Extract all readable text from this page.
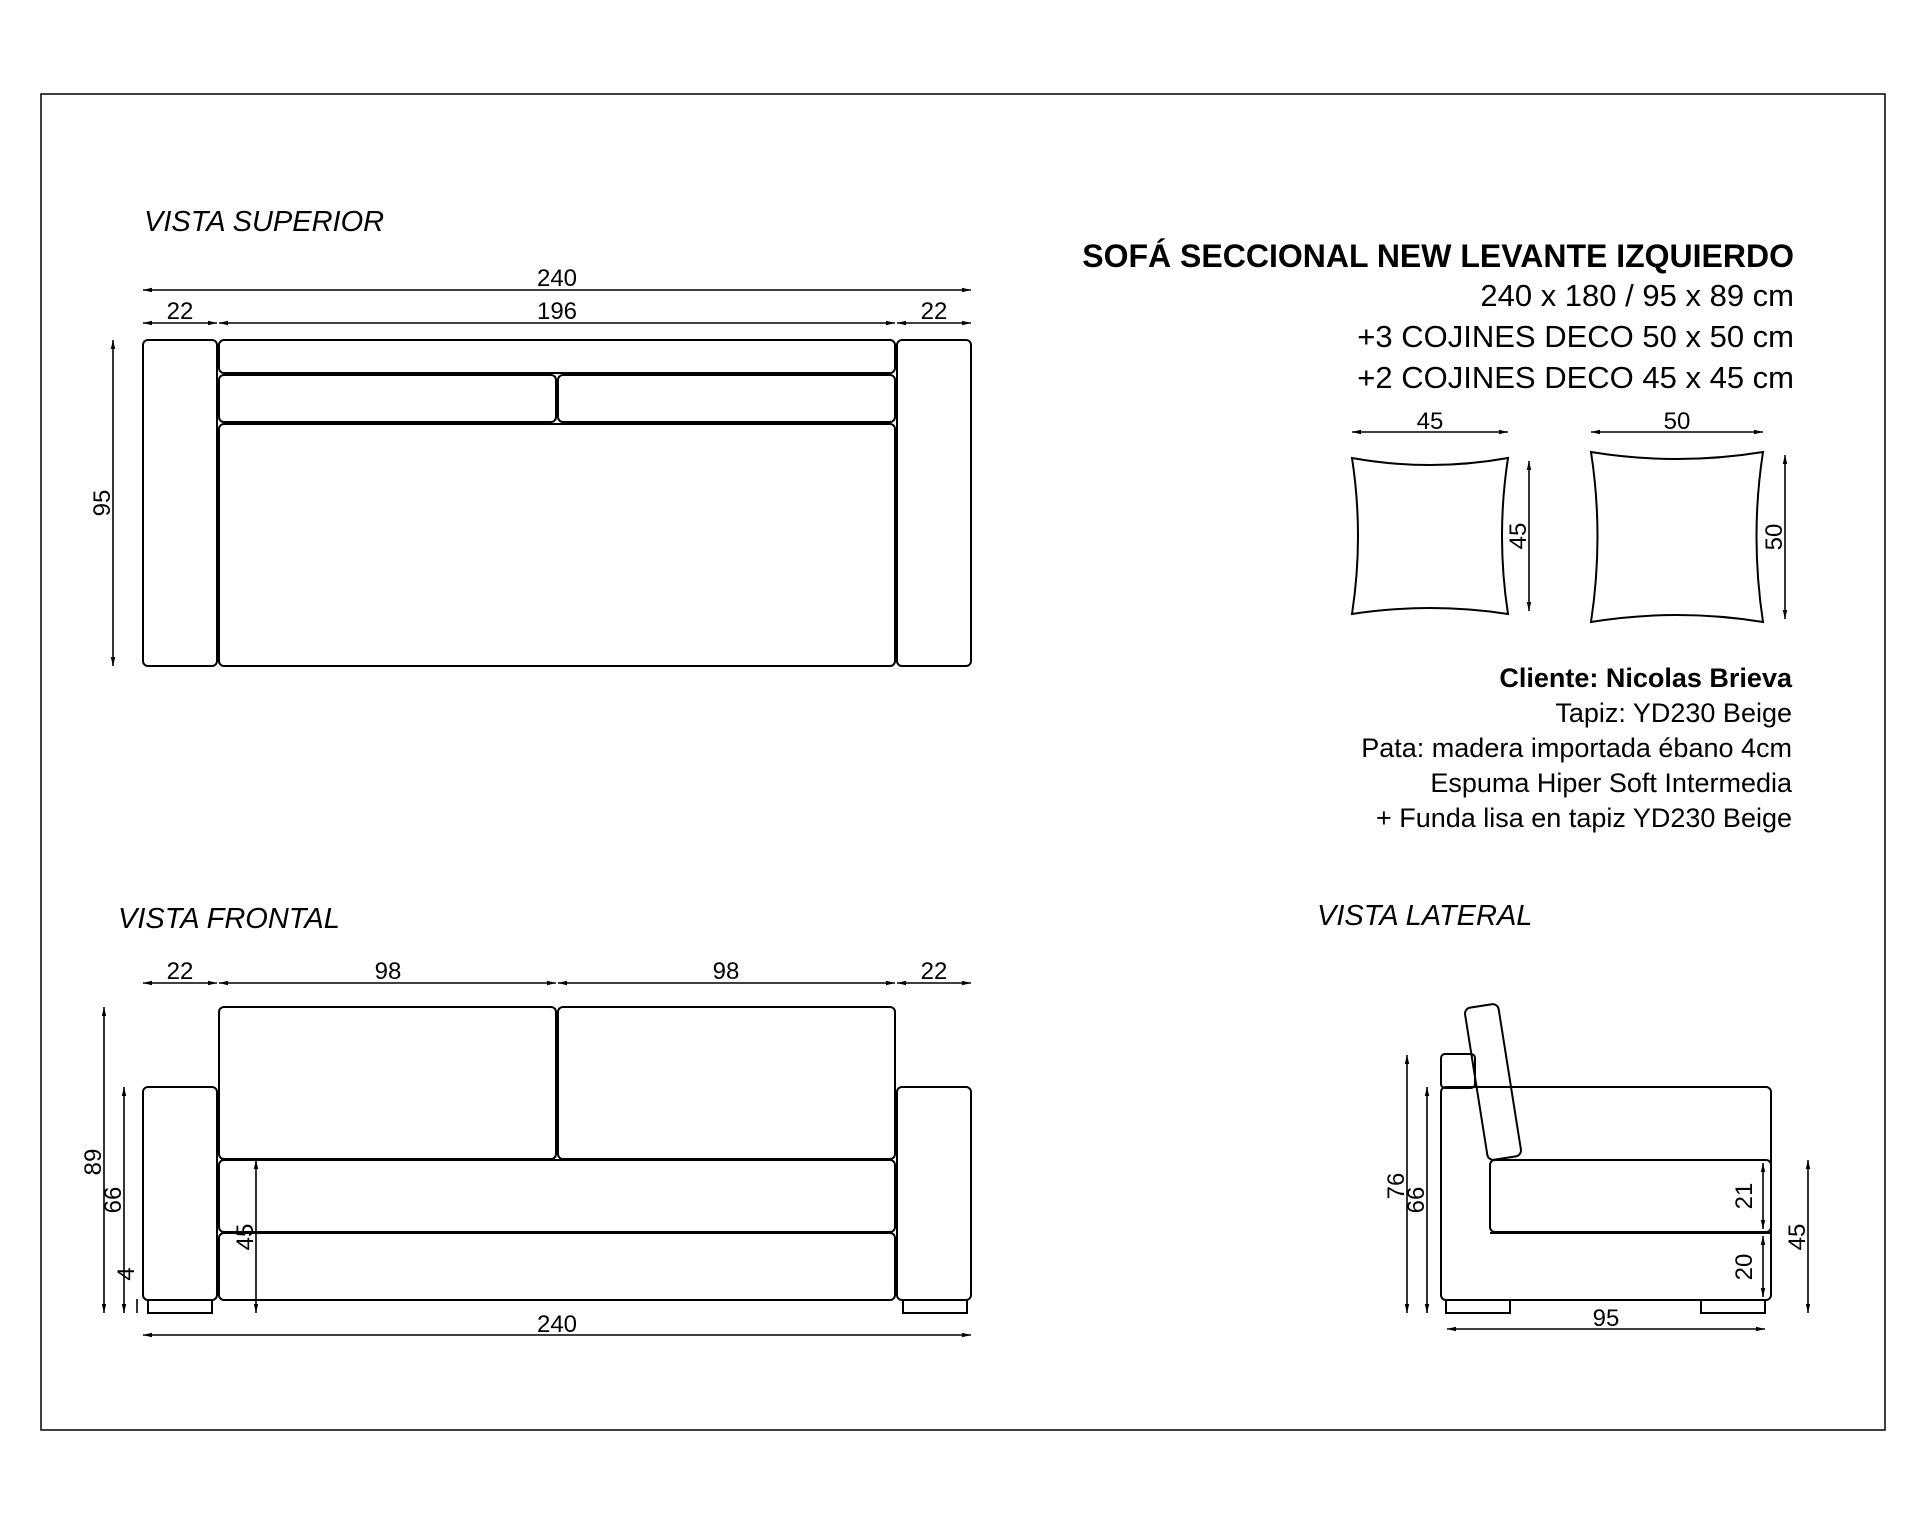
VISTA SUPERIOR
240
22	196	22
95
SOFÁ SECCIONAL NEW LEVANTE IZQUIERDO
240 x 180 / 95 x 89 cm
+3 COJINES DECO 50 x 50 cm
+2 COJINES DECO 45 x 45 cm
45
45
50
50
Cliente: Nicolas Brieva
Tapiz: YD230 Beige
Pata: madera importada ébano 4cm
Espuma Hiper Soft Intermedia
+ Funda lisa en tapiz YD230 Beige
VISTA FRONTAL
22	98	98	22
89
66
4
45
240
VISTA LATERAL
76
66	21
20
45
95
